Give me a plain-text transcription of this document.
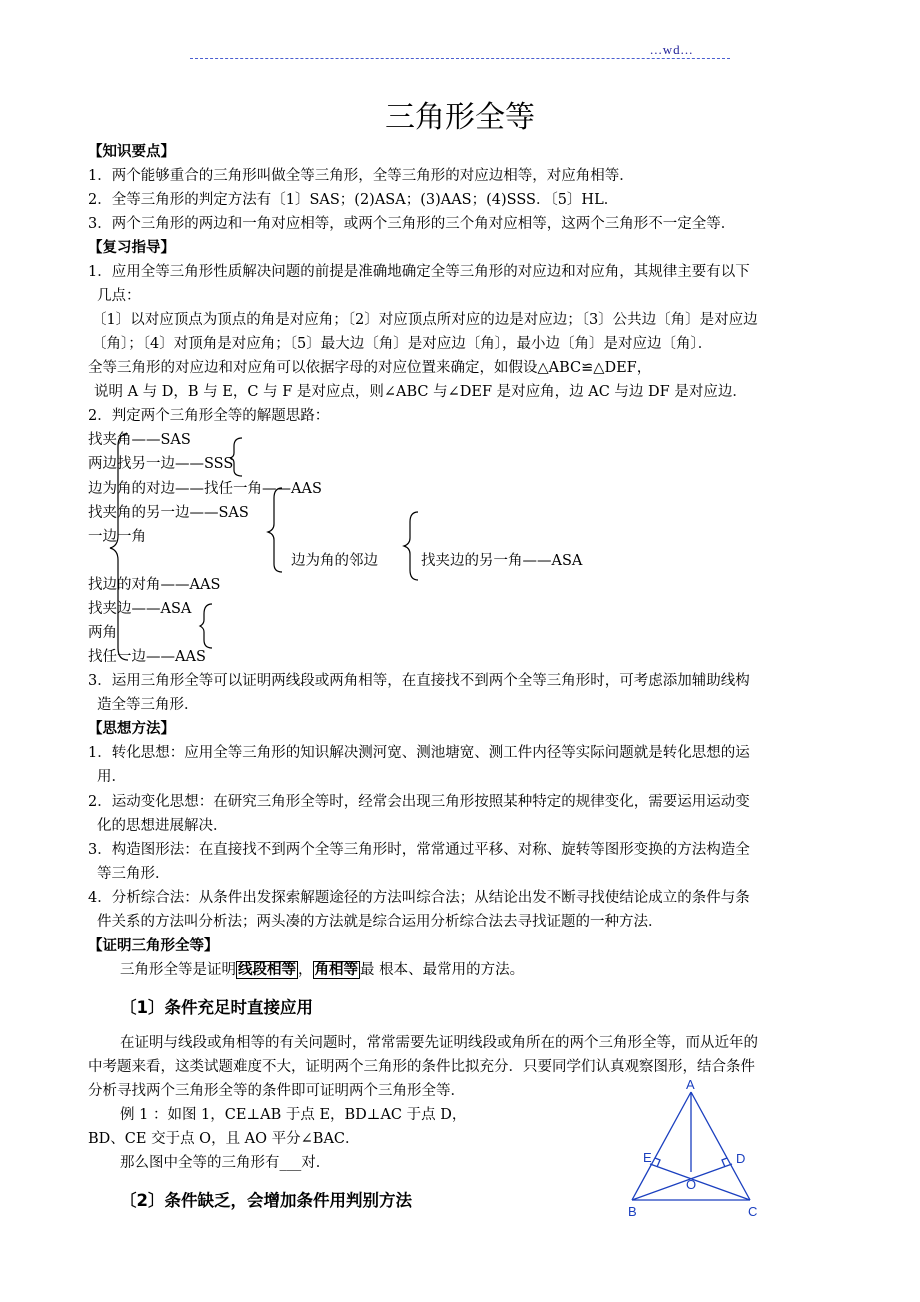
...wd...
三角形全等
【知识要点】
1．两个能够重合的三角形叫做全等三角形，全等三角形的对应边相等，对应角相等．
2．全等三角形的判定方法有〔1〕SAS；(2)ASA；(3)AAS；(4)SSS．〔5〕HL．
3．两个三角形的两边和一角对应相等，或两个三角形的三个角对应相等，这两个三角形不一定全等．
【复习指导】
1．应用全等三角形性质解决问题的前提是准确地确定全等三角形的对应边和对应角，其规律主要有以下
几点：
〔1〕以对应顶点为顶点的角是对应角；〔2〕对应顶点所对应的边是对应边；〔3〕公共边〔角〕是对应边
〔角〕；〔4〕对顶角是对应角；〔5〕最大边〔角〕是对应边〔角〕，最小边〔角〕是对应边〔角〕．
全等三角形的对应边和对应角可以依据字母的对应位置来确定，如假设△ABC≌△DEF，
说明 A 与 D，B 与 E，C 与 F 是对应点，则∠ABC 与∠DEF 是对应角，边 AC 与边 DF 是对应边．
2．判定两个三角形全等的解题思路：
找夹角——SAS
两边找另一边——SSS
边为角的对边——找任一角——AAS
找夹角的另一边——SAS
一边一角
边为角的邻边	找夹边的另一角——ASA
找边的对角——AAS
找夹边——ASA
两角
找任一边——AAS
3．运用三角形全等可以证明两线段或两角相等，在直接找不到两个全等三角形时，可考虑添加辅助线构
造全等三角形．
【思想方法】
1．转化思想：应用全等三角形的知识解决测河宽、测池塘宽、测工件内径等实际问题就是转化思想的运
用．
2．运动变化思想：在研究三角形全等时，经常会出现三角形按照某种特定的规律变化，需要运用运动变
化的思想进展解决．
3．构造图形法：在直接找不到两个全等三角形时，常常通过平移、对称、旋转等图形变换的方法构造全
等三角形．
4．分析综合法：从条件出发探索解题途径的方法叫综合法；从结论出发不断寻找使结论成立的条件与条
件关系的方法叫分析法；两头凑的方法就是综合运用分析综合法去寻找证题的一种方法．
【证明三角形全等】
三角形全等是证明 线段相等 ， 角相等 最 根本、最常用的方法。
〔1〕条件充足时直接应用
在证明与线段或角相等的有关问题时，常常需要先证明线段或角所在的两个三角形全等，而从近年的
中考题来看，这类试题难度不大，证明两个三角形的条件比拟充分．只要同学们认真观察图形，结合条件
分析寻找两个三角形全等的条件即可证明两个三角形全等．
例 1 ：如图 1，CE⊥AB 于点 E，BD⊥AC 于点 D，
BD、CE 交于点 O，且 AO 平分∠BAC．
那么图中全等的三角形有___对．
〔2〕条件缺乏，会增加条件用判别方法
A
B	C
D
E
O
